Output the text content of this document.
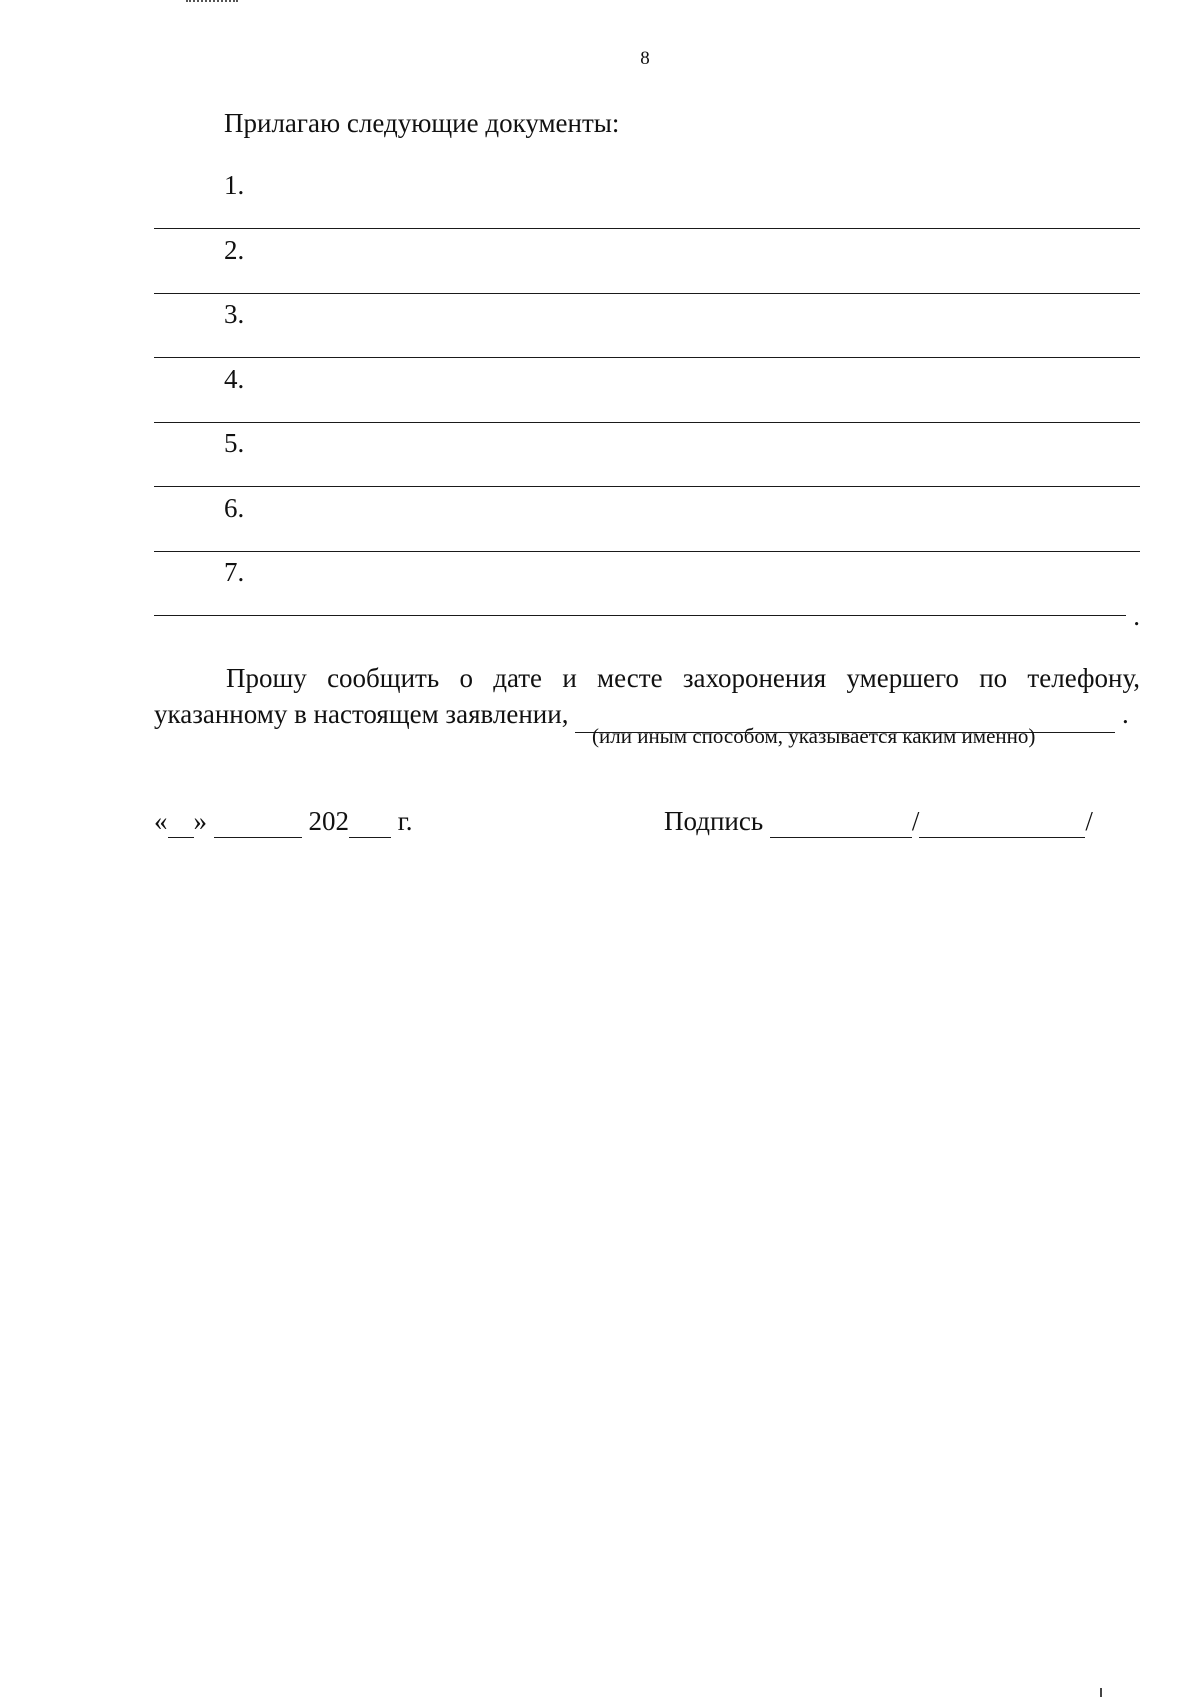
8
Прилагаю следующие документы:
1.
2.
3.
4.
5.
6.
7.
.
Прошу сообщить о дате и месте захоронения умершего по телефону, указанному в настоящем заявлении,	.
(или иным способом, указывается каким именно)
« »	202 г.	Подпись	/	/
